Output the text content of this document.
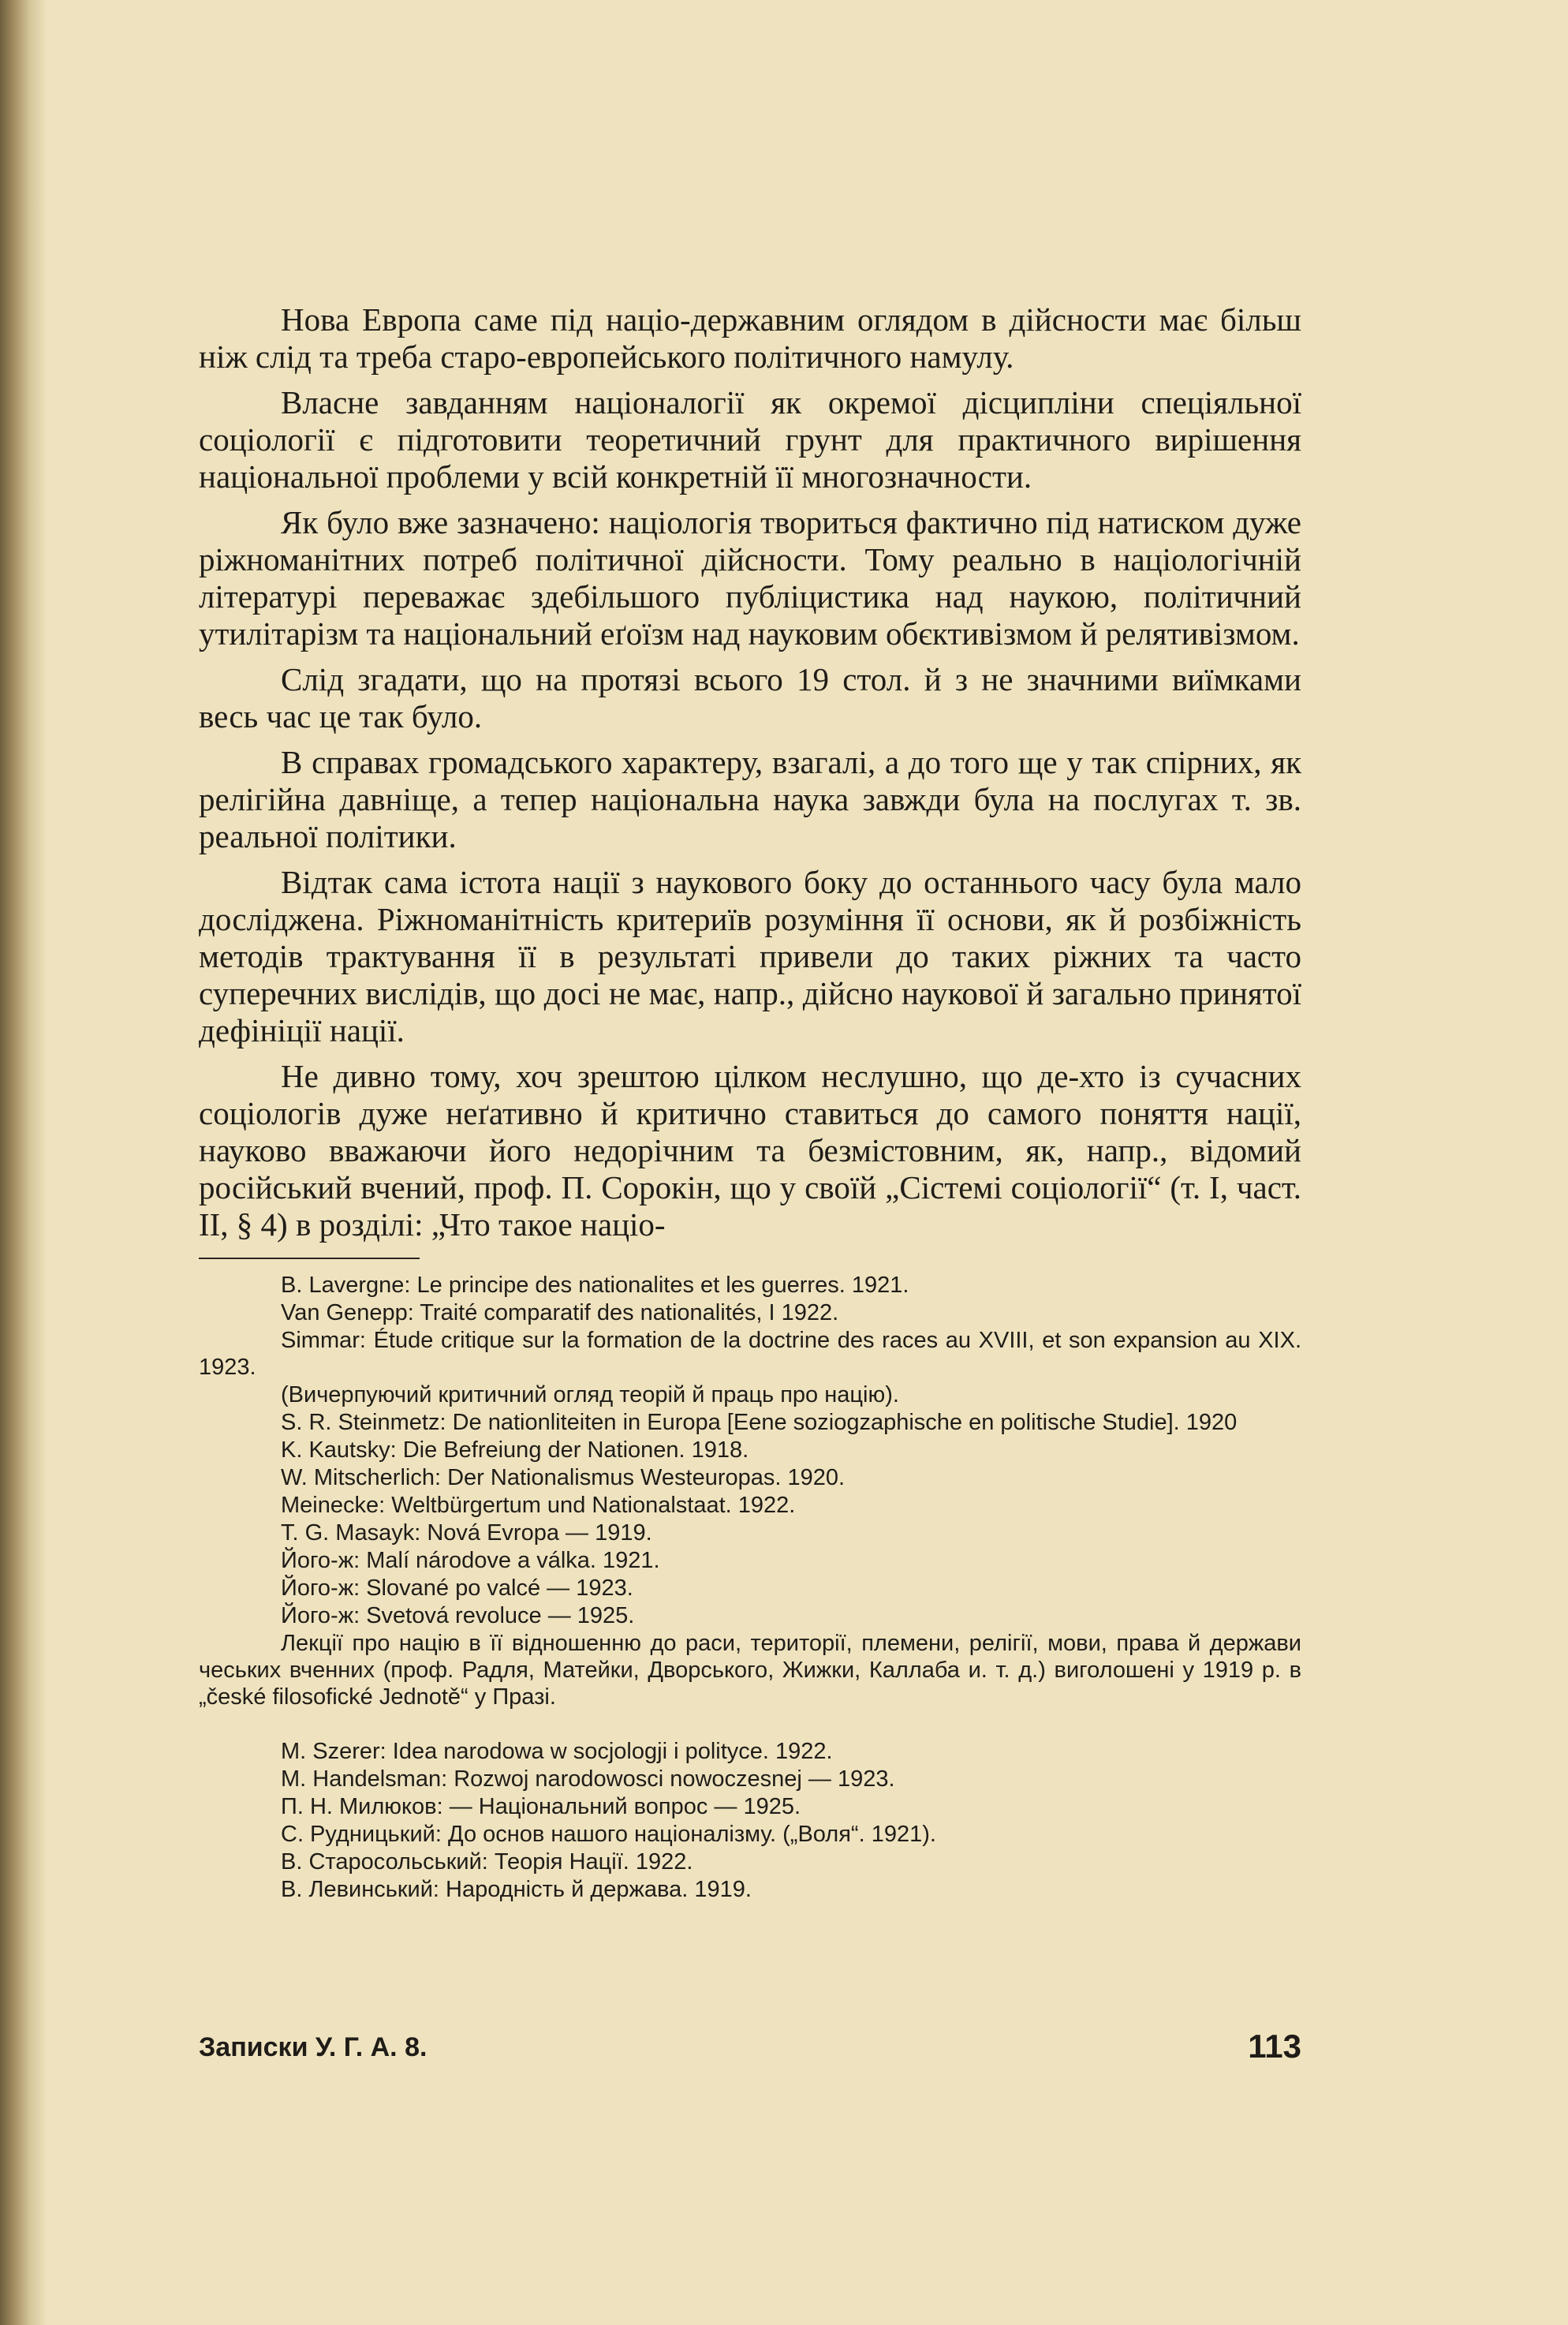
Нова Европа саме під націо-державним оглядом в дійсности має більш ніж слід та треба старо-европейського політичного намулу.

Власне завданням націоналогії як окремої дісципліни спеціяльної соціології є підготовити теоретичний грунт для практичного вирішення національної проблеми у всій конкретній її многозначности.

Як було вже зазначено: націологія твориться фактично під натиском дуже ріжноманітних потреб політичної дійсности. Тому реально в націологічній літературі переважає здебільшого публіцистика над наукою, політичний утилітарізм та національний еґоїзм над науковим обєктивізмом й релятивізмом.

Слід згадати, що на протязі всього 19 стол. й з не значними виїмками весь час це так було.

В справах громадського характеру, взагалі, а до того ще у так спірних, як релігійна давніще, а тепер національна наука завжди була на послугах т. зв. реальної політики.

Відтак сама істота нації з наукового боку до останнього часу була мало досліджена. Ріжноманітність критериїв розуміння її основи, як й розбіжність методів трактування її в результаті привели до таких ріжних та часто суперечних вислідів, що досі не має, напр., дійсно наукової й загально принятої дефініції нації.

Не дивно тому, хоч зрештою цілком неслушно, що де-хто із сучасних соціологів дуже неґативно й критично ставиться до самого поняття нації, науково вважаючи його недорічним та безмістовним, як, напр., відомий російський вчений, проф. П. Сорокін, що у своїй „Сістемі соціології“ (т. І, част. ІІ, § 4) в розділі: „Что такое націо-

B. Lavergne: Le principe des nationalites et les guerres. 1921.
Van Genepp: Traité comparatif des nationalités, I 1922.
Simmar: Étude critique sur la formation de la doctrine des races au XVIII, et son expansion au XIX. 1923.
(Вичерпуючий критичний огляд теорій й праць про націю).
S. R. Steinmetz: De nationliteiten in Europa [Eene soziogzaphische en politische Studie]. 1920
K. Kautsky: Die Befreiung der Nationen. 1918.
W. Mitscherlich: Der Nationalismus Westeuropas. 1920.
Meinecke: Weltbürgertum und Nationalstaat. 1922.
T. G. Masayk: Nová Evropa — 1919.
Його-ж: Malí národove a válka. 1921.
Його-ж: Slované po valcé — 1923.
Його-ж: Svetová revoluce — 1925.
Лекції про націю в її відношенню до раси, території, племени, релігії, мови, права й держави чеських вченних (проф. Радля, Матейки, Дворського, Жижки, Каллаба и. т. д.) виголошені у 1919 р. в „české filosofické Jednotě“ у Празі.
M. Szerer: Idea narodowa w socjologji i polityce. 1922.
M. Handelsman: Rozwoj narodowosci nowoczesnej — 1923.
П. Н. Милюков: — Національний вопрос — 1925.
С. Рудницький: До основ нашого націоналізму. („Воля“. 1921).
В. Старосольський: Теорія Нації. 1922.
В. Левинський: Народність й держава. 1919.
Записки У. Г. А. 8.	113
